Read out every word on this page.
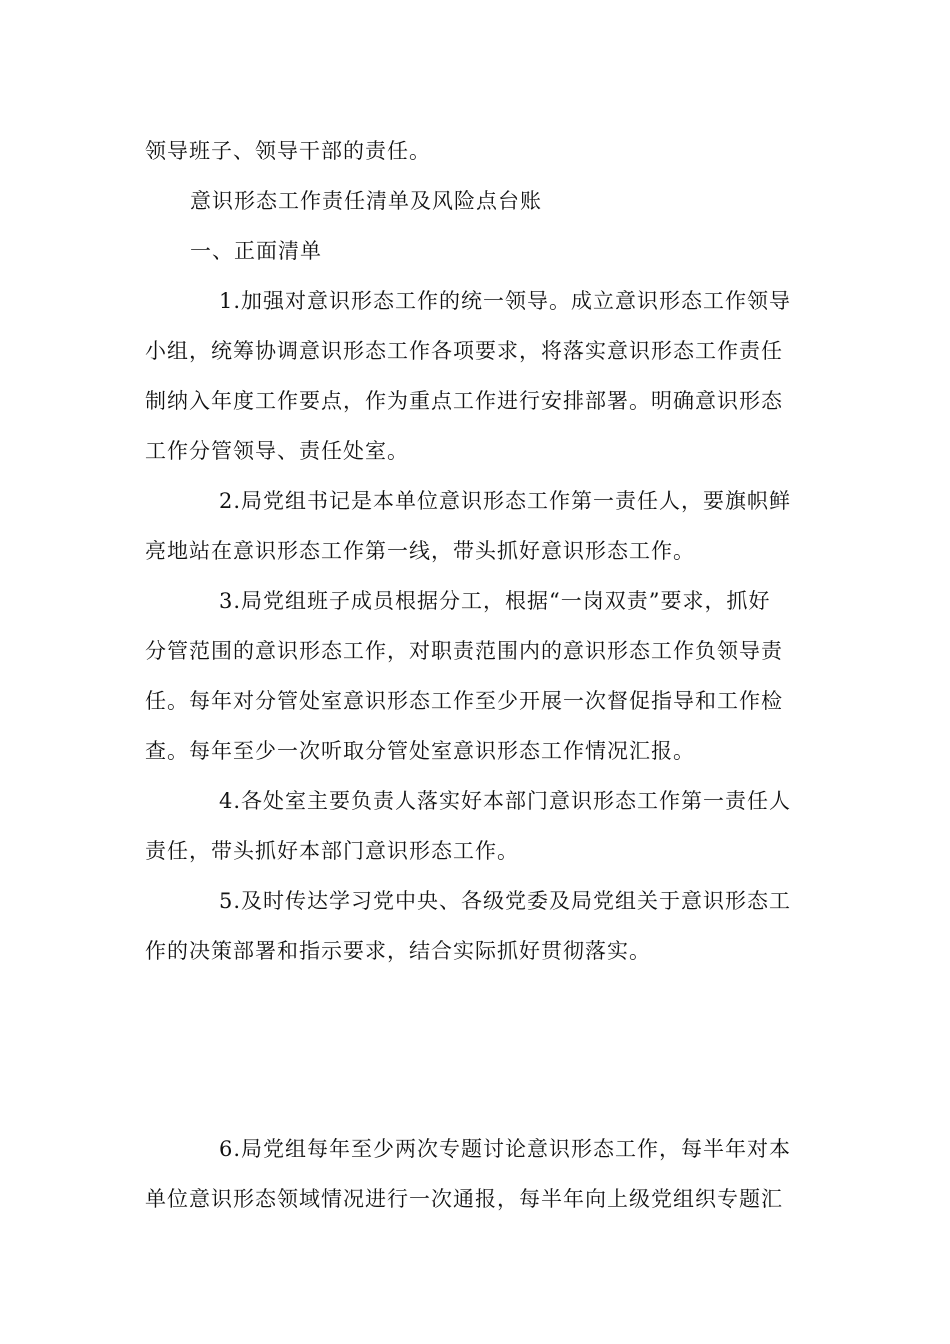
领导班子、领导干部的责任。
意识形态工作责任清单及风险点台账
一、正面清单
1.加强对意识形态工作的统一领导。成立意识形态工作领导
小组，统筹协调意识形态工作各项要求，将落实意识形态工作责任
制纳入年度工作要点，作为重点工作进行安排部署。明确意识形态
工作分管领导、责任处室。
2.局党组书记是本单位意识形态工作第一责任人，要旗帜鲜
亮地站在意识形态工作第一线，带头抓好意识形态工作。
3.局党组班子成员根据分工，根据“一岗双责”要求，抓好
分管范围的意识形态工作，对职责范围内的意识形态工作负领导责
任。每年对分管处室意识形态工作至少开展一次督促指导和工作检
查。每年至少一次听取分管处室意识形态工作情况汇报。
4.各处室主要负责人落实好本部门意识形态工作第一责任人
责任，带头抓好本部门意识形态工作。
5.及时传达学习党中央、各级党委及局党组关于意识形态工
作的决策部署和指示要求，结合实际抓好贯彻落实。
6.局党组每年至少两次专题讨论意识形态工作，每半年对本
单位意识形态领域情况进行一次通报，每半年向上级党组织专题汇
